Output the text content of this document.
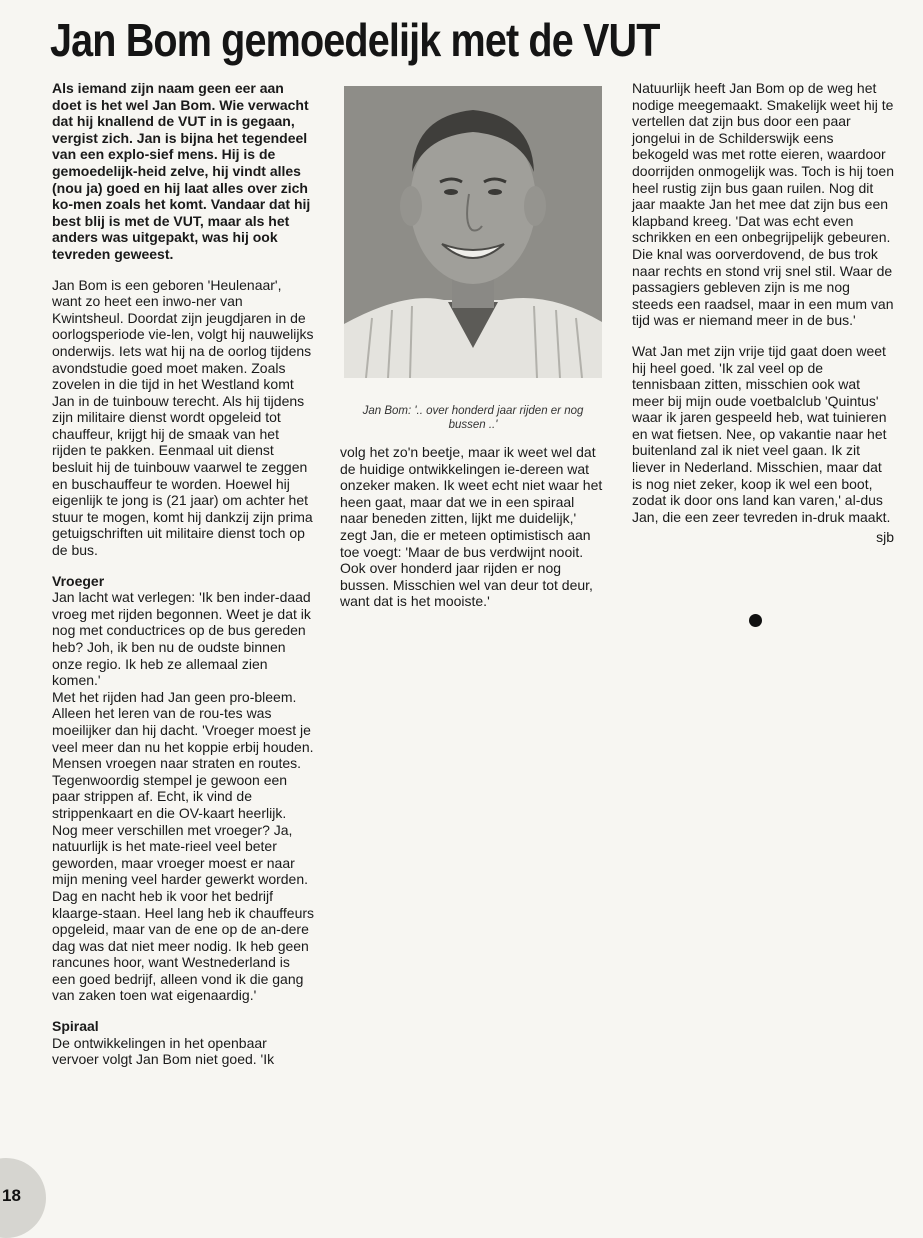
Jan Bom gemoedelijk met de VUT

Als iemand zijn naam geen eer aan doet is het wel Jan Bom. Wie verwacht dat hij knallend de VUT in is gegaan, vergist zich. Jan is bijna het tegendeel van een explo-sief mens. Hij is de gemoedelijk-heid zelve, hij vindt alles (nou ja) goed en hij laat alles over zich ko-men zoals het komt. Vandaar dat hij best blij is met de VUT, maar als het anders was uitgepakt, was hij ook tevreden geweest.

Jan Bom is een geboren 'Heulenaar', want zo heet een inwo-ner van Kwintsheul. Doordat zijn jeugdjaren in de oorlogsperiode vie-len, volgt hij nauwelijks onderwijs. Iets wat hij na de oorlog tijdens avondstudie goed moet maken. Zoals zovelen in die tijd in het Westland komt Jan in de tuinbouw terecht. Als hij tijdens zijn militaire dienst wordt opgeleid tot chauffeur, krijgt hij de smaak van het rijden te pakken. Eenmaal uit dienst besluit hij de tuinbouw vaarwel te zeggen en buschauffeur te worden. Hoewel hij eigenlijk te jong is (21 jaar) om achter het stuur te mogen, komt hij dankzij zijn prima getuigschriften uit militaire dienst toch op de bus.

Vroeger

Jan lacht wat verlegen: 'Ik ben inder-daad vroeg met rijden begonnen. Weet je dat ik nog met conductrices op de bus gereden heb? Joh, ik ben nu de oudste binnen onze regio. Ik heb ze allemaal zien komen.'

Met het rijden had Jan geen pro-bleem. Alleen het leren van de rou-tes was moeilijker dan hij dacht. 'Vroeger moest je veel meer dan nu het koppie erbij houden. Mensen vroegen naar straten en routes. Tegenwoordig stempel je gewoon een paar strippen af. Echt, ik vind de strippenkaart en die OV-kaart heerlijk. Nog meer verschillen met vroeger? Ja, natuurlijk is het mate-rieel veel beter geworden, maar vroeger moest er naar mijn mening veel harder gewerkt worden. Dag en nacht heb ik voor het bedrijf klaarge-staan. Heel lang heb ik chauffeurs opgeleid, maar van de ene op de an-dere dag was dat niet meer nodig. Ik heb geen rancunes hoor, want Westnederland is een goed bedrijf, alleen vond ik die gang van zaken toen wat eigenaardig.'

Spiraal

De ontwikkelingen in het openbaar vervoer volgt Jan Bom niet goed. 'Ik

Jan Bom: '.. over honderd jaar rijden er nog bussen ..'

volg het zo'n beetje, maar ik weet wel dat de huidige ontwikkelingen ie-dereen wat onzeker maken. Ik weet echt niet waar het heen gaat, maar dat we in een spiraal naar beneden zitten, lijkt me duidelijk,' zegt Jan, die er meteen optimistisch aan toe voegt: 'Maar de bus verdwijnt nooit. Ook over honderd jaar rijden er nog bussen. Misschien wel van deur tot deur, want dat is het mooiste.'

Natuurlijk heeft Jan Bom op de weg het nodige meegemaakt. Smakelijk weet hij te vertellen dat zijn bus door een paar jongelui in de Schilderswijk eens bekogeld was met rotte eieren, waardoor doorrijden onmogelijk was. Toch is hij toen heel rustig zijn bus gaan ruilen. Nog dit jaar maakte Jan het mee dat zijn bus een klapband kreeg. 'Dat was echt even schrikken en een onbegrijpelijk gebeuren. Die knal was oorverdovend, de bus trok naar rechts en stond vrij snel stil. Waar de passagiers gebleven zijn is me nog steeds een raadsel, maar in een mum van tijd was er niemand meer in de bus.'

Wat Jan met zijn vrije tijd gaat doen weet hij heel goed. 'Ik zal veel op de tennisbaan zitten, misschien ook wat meer bij mijn oude voetbalclub 'Quintus' waar ik jaren gespeeld heb, wat tuinieren en wat fietsen. Nee, op vakantie naar het buitenland zal ik niet veel gaan. Ik zit liever in Nederland. Misschien, maar dat is nog niet zeker, koop ik wel een boot, zodat ik door ons land kan varen,' al-dus Jan, die een zeer tevreden in-druk maakt.

sjb

18
